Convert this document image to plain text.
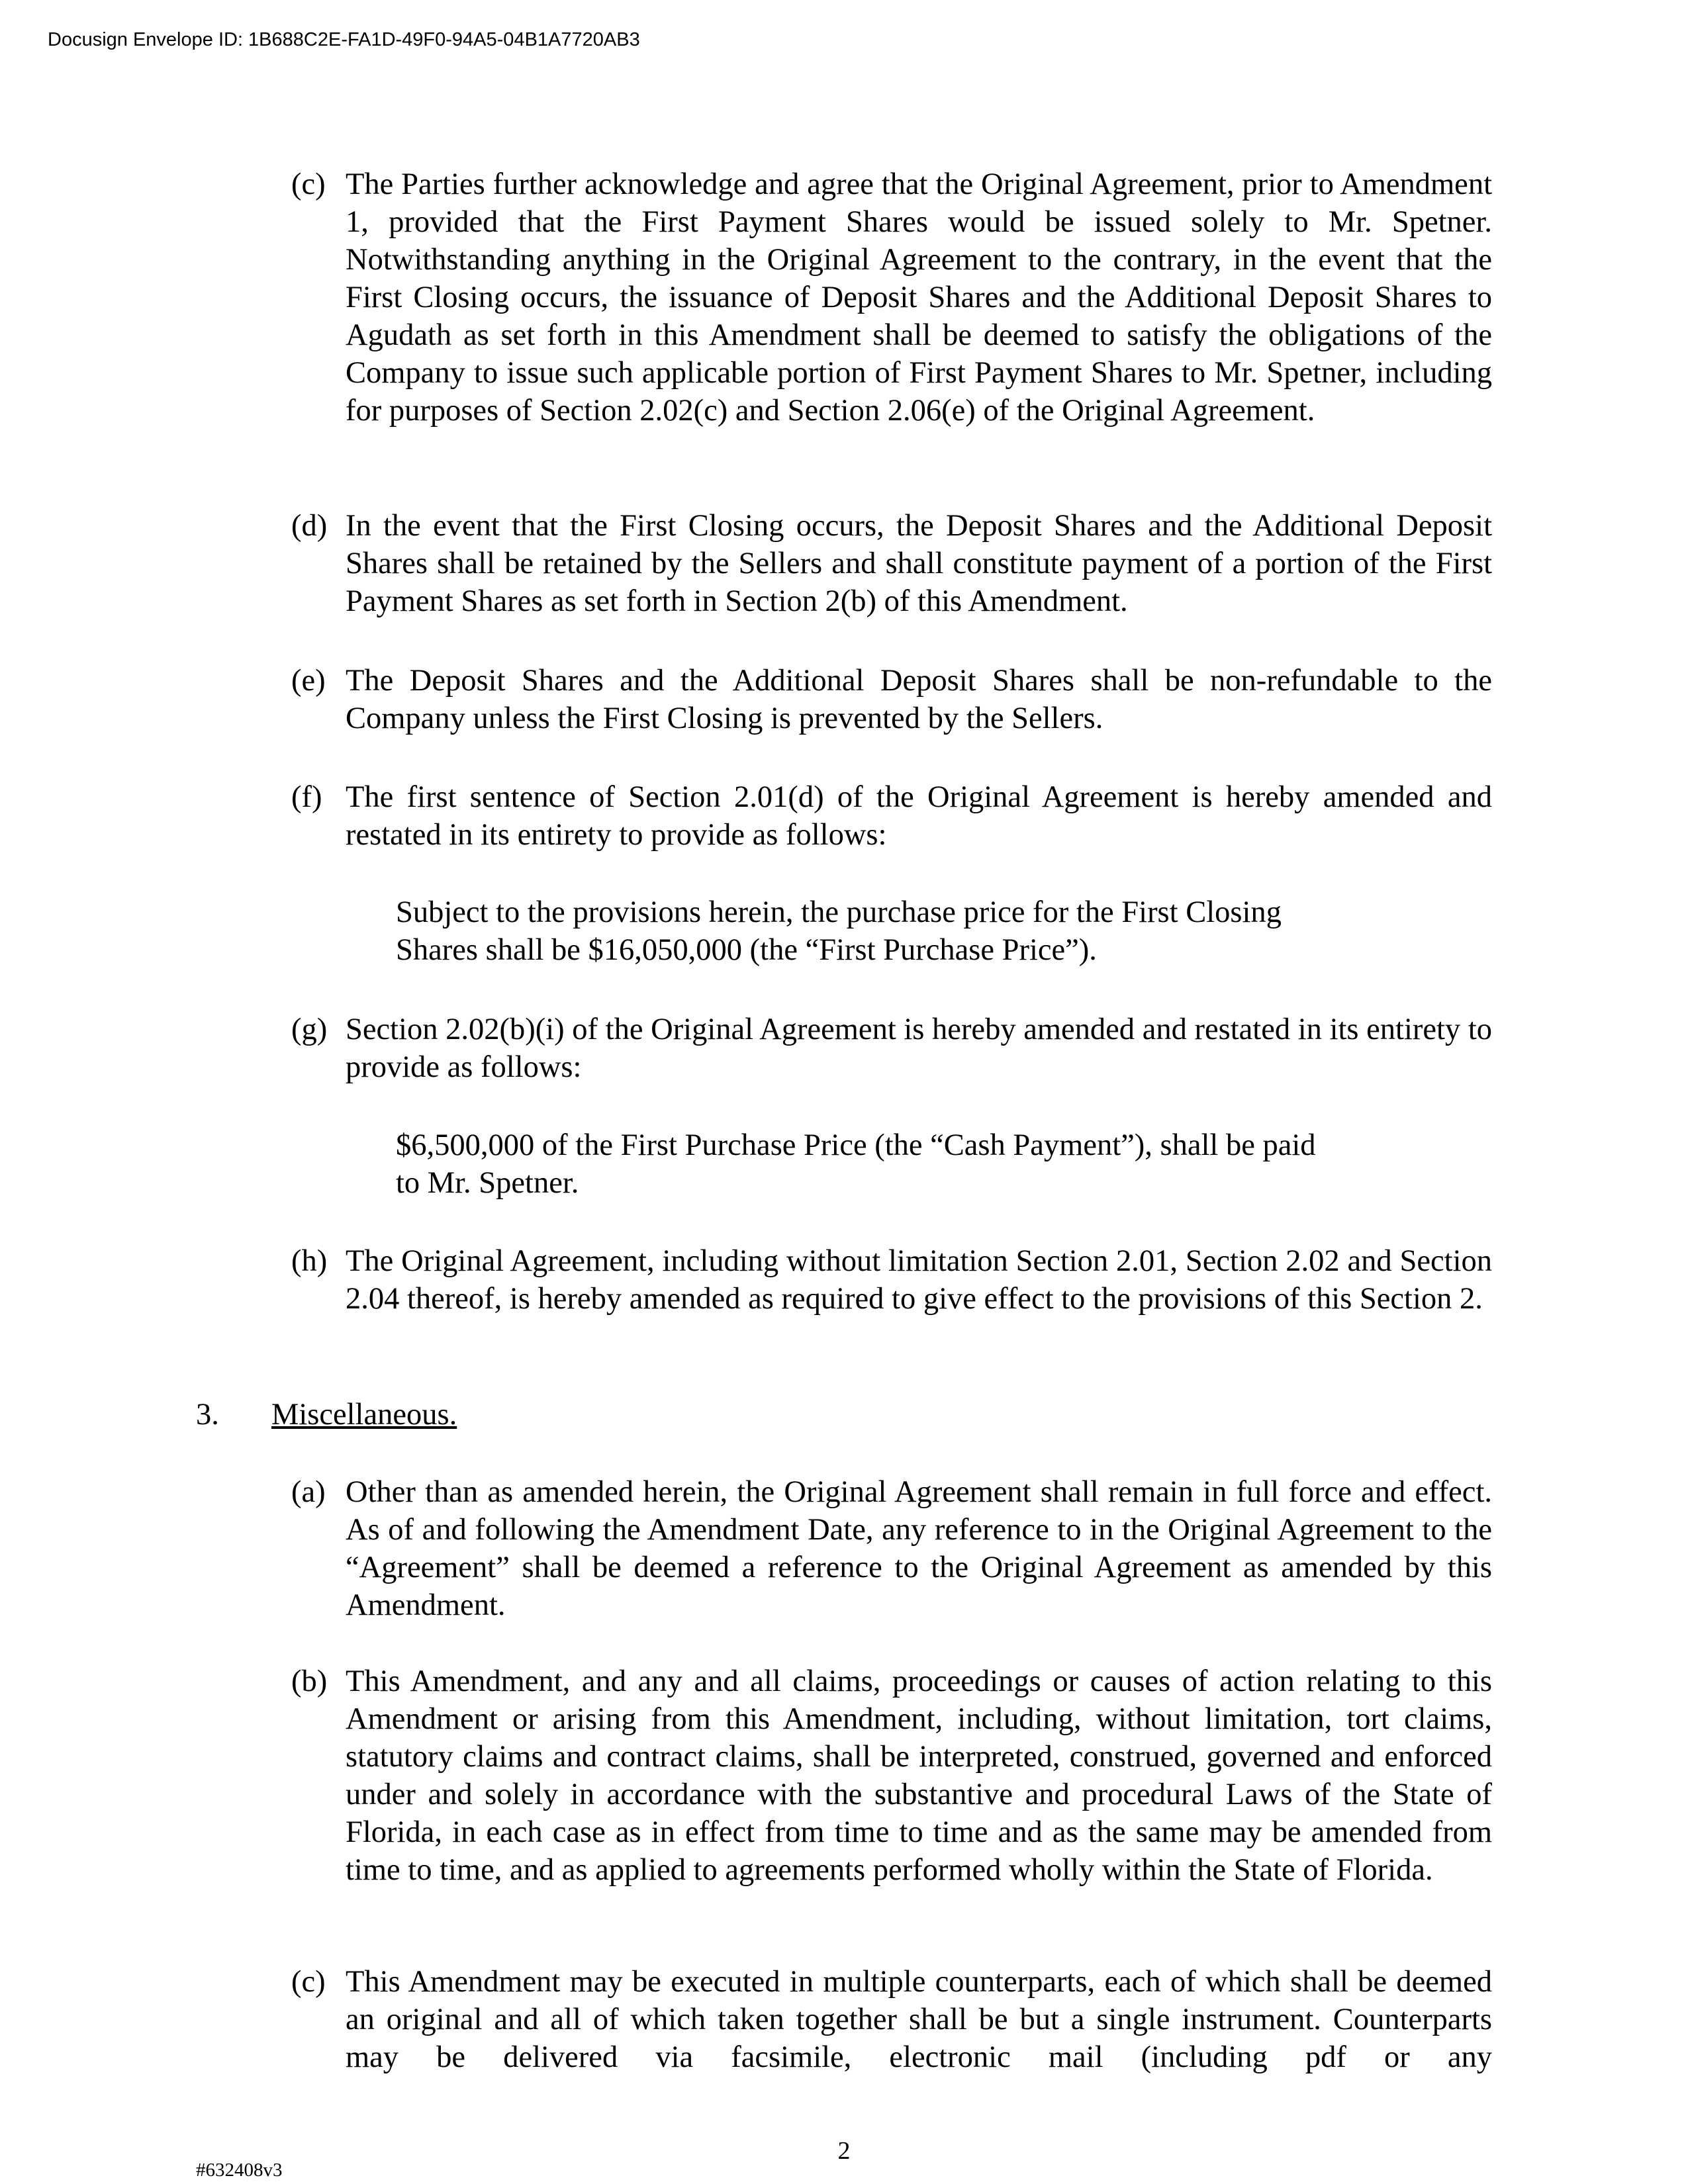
Docusign Envelope ID: 1B688C2E-FA1D-49F0-94A5-04B1A7720AB3
(c) The Parties further acknowledge and agree that the Original Agreement, prior to Amendment 1, provided that the First Payment Shares would be issued solely to Mr. Spetner. Notwithstanding anything in the Original Agreement to the contrary, in the event that the First Closing occurs, the issuance of Deposit Shares and the Additional Deposit Shares to Agudath as set forth in this Amendment shall be deemed to satisfy the obligations of the Company to issue such applicable portion of First Payment Shares to Mr. Spetner, including for purposes of Section 2.02(c) and Section 2.06(e) of the Original Agreement.
(d) In the event that the First Closing occurs, the Deposit Shares and the Additional Deposit Shares shall be retained by the Sellers and shall constitute payment of a portion of the First Payment Shares as set forth in Section 2(b) of this Amendment.
(e) The Deposit Shares and the Additional Deposit Shares shall be non-refundable to the Company unless the First Closing is prevented by the Sellers.
(f) The first sentence of Section 2.01(d) of the Original Agreement is hereby amended and restated in its entirety to provide as follows:
Subject to the provisions herein, the purchase price for the First Closing
Shares shall be $16,050,000 (the “First Purchase Price”).
(g) Section 2.02(b)(i) of the Original Agreement is hereby amended and restated in its entirety to provide as follows:
$6,500,000 of the First Purchase Price (the “Cash Payment”), shall be paid
to Mr. Spetner.
(h) The Original Agreement, including without limitation Section 2.01, Section 2.02 and Section 2.04 thereof, is hereby amended as required to give effect to the provisions of this Section 2.
3. Miscellaneous.
(a) Other than as amended herein, the Original Agreement shall remain in full force and effect. As of and following the Amendment Date, any reference to in the Original Agreement to the “Agreement” shall be deemed a reference to the Original Agreement as amended by this Amendment.
(b) This Amendment, and any and all claims, proceedings or causes of action relating to this Amendment or arising from this Amendment, including, without limitation, tort claims, statutory claims and contract claims, shall be interpreted, construed, governed and enforced under and solely in accordance with the substantive and procedural Laws of the State of Florida, in each case as in effect from time to time and as the same may be amended from time to time, and as applied to agreements performed wholly within the State of Florida.
(c) This Amendment may be executed in multiple counterparts, each of which shall be deemed an original and all of which taken together shall be but a single instrument. Counterparts may be delivered via facsimile, electronic mail (including pdf or any
2
#632408v3
